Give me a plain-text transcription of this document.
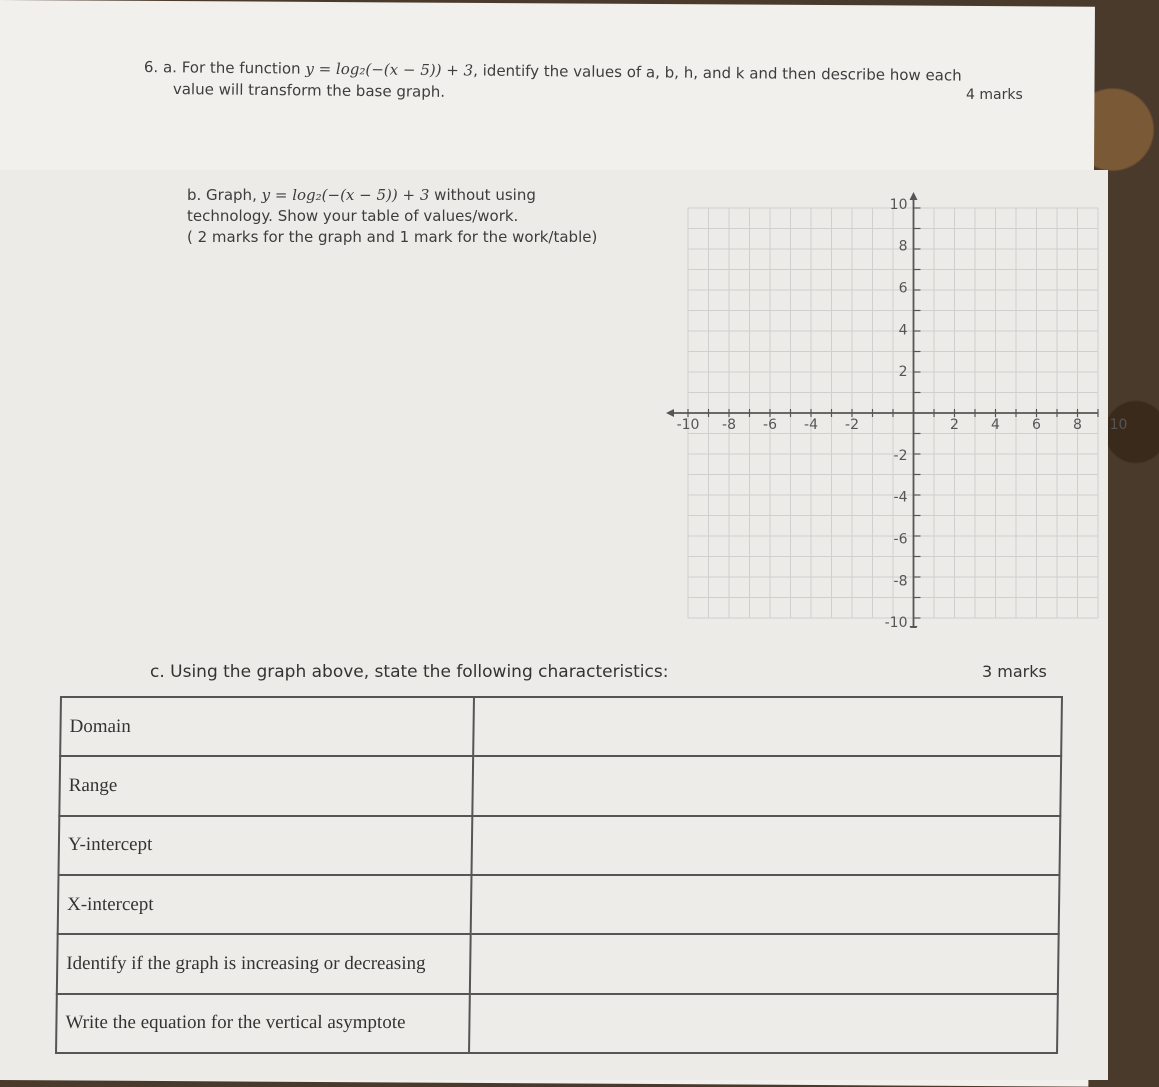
6. a. For the function y = log₂(−(x − 5)) + 3, identify the values of a, b, h, and k and then describe how each
value will transform the base graph.	4 marks
b. Graph, y = log₂(−(x − 5)) + 3 without using
technology. Show your table of values/work.
( 2 marks for the graph and 1 mark for the work/table)
-10 -8 -6 -4 -2	2 4 6 8 10
10
8
6
4
2
-2
-4
-6
-8
-10
c. Using the graph above, state the following characteristics:	3 marks
Domain	
Range	
Y-intercept	
X-intercept	
Identify if the graph is increasing or decreasing	
Write the equation for the vertical asymptote	
